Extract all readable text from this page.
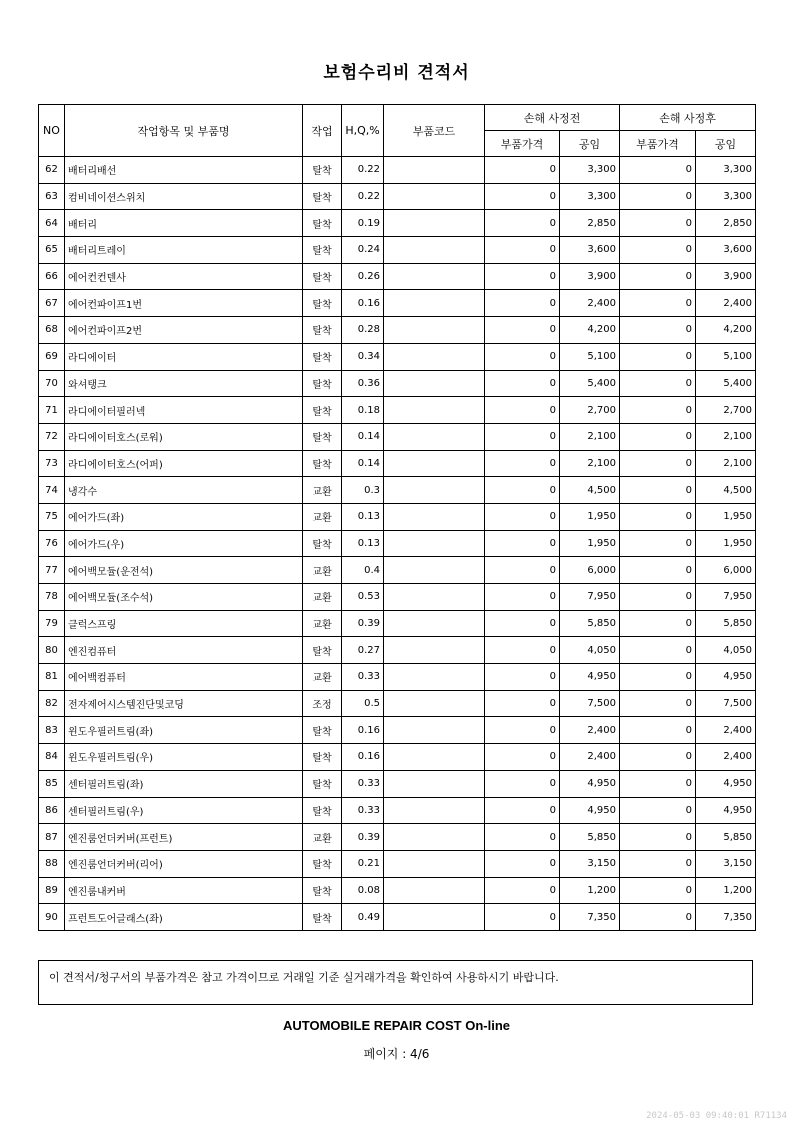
보험수리비 견적서
NO	작업항목 및 부품명	작업	H,Q,%	부품코드	손해 사정전		손해 사정후	
					부품가격	공임	부품가격	공임
62	배터리배선	탈착	0.22		0	3,300	0	3,300
63	컴비네이션스위치	탈착	0.22		0	3,300	0	3,300
64	배터리	탈착	0.19		0	2,850	0	2,850
65	배터리트레이	탈착	0.24		0	3,600	0	3,600
66	에어컨컨덴사	탈착	0.26		0	3,900	0	3,900
67	에어컨파이프1번	탈착	0.16		0	2,400	0	2,400
68	에어컨파이프2번	탈착	0.28		0	4,200	0	4,200
69	라디에이터	탈착	0.34		0	5,100	0	5,100
70	와셔탱크	탈착	0.36		0	5,400	0	5,400
71	라디에이터필러넥	탈착	0.18		0	2,700	0	2,700
72	라디에이터호스(로워)	탈착	0.14		0	2,100	0	2,100
73	라디에이터호스(어퍼)	탈착	0.14		0	2,100	0	2,100
74	냉각수	교환	0.3		0	4,500	0	4,500
75	에어가드(좌)	교환	0.13		0	1,950	0	1,950
76	에어가드(우)	탈착	0.13		0	1,950	0	1,950
77	에어백모듈(운전석)	교환	0.4		0	6,000	0	6,000
78	에어백모듈(조수석)	교환	0.53		0	7,950	0	7,950
79	클럭스프링	교환	0.39		0	5,850	0	5,850
80	엔진컴퓨터	탈착	0.27		0	4,050	0	4,050
81	에어백컴퓨터	교환	0.33		0	4,950	0	4,950
82	전자제어시스템진단및코딩	조정	0.5		0	7,500	0	7,500
83	윈도우필러트림(좌)	탈착	0.16		0	2,400	0	2,400
84	윈도우필러트림(우)	탈착	0.16		0	2,400	0	2,400
85	센터필러트림(좌)	탈착	0.33		0	4,950	0	4,950
86	센터필러트림(우)	탈착	0.33		0	4,950	0	4,950
87	엔진룸언더커버(프런트)	교환	0.39		0	5,850	0	5,850
88	엔진룸언더커버(리어)	탈착	0.21		0	3,150	0	3,150
89	엔진룸내커버	탈착	0.08		0	1,200	0	1,200
90	프런트도어글래스(좌)	탈착	0.49		0	7,350	0	7,350
이 견적서/청구서의 부품가격은 참고 가격이므로 거래일 기준 실거래가격을 확인하여 사용하시기 바랍니다.
AUTOMOBILE REPAIR COST On-line
페이지 : 4/6
2024-05-03 09:40:01 R71134
